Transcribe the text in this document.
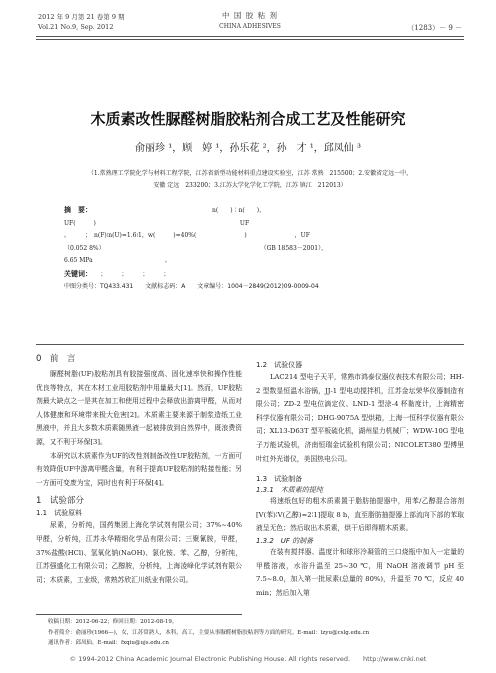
2012 年 9 月第 21 卷第 9 期
Vol.21 No.9, Sep. 2012
中 国 胶 粘 剂
CHINA ADHESIVES	（1283）－ 9 －
木质素改性脲醛树脂胶粘剂合成工艺及性能研究
俞丽珍 ¹，顾　婷 ¹，孙乐花 ²，孙　才 ¹，邱凤仙 ³
（1.常熟理工学院化学与材料工程学院，江苏省新型功能材料重点建设实验室，江苏 常熟　215500；2.安徽省定远一中，
安徽 定远　233200；3.江苏大学化学化工学院，江苏 镇江　212013）
摘　要：	n(　　)∶n(　　)、
UF(　　　)　　　　　　　　　　　　　　　　　　　　　　　　UF
。　　　；　n(F)∶n(U)=1.6∶1，w(　　　)=40%(　　　　　　　　)　　　　　　　　，UF
（0.052 8%）　　　　　　　　　　　　　　　　　　　　　　　　　　　（GB 18583－2001），
6.65 MPa　　　　　　　　　　　　。
关键词：　　；　　　；　　　；　　　；
中图分类号：TQ433.431　　文献标志码：A　　文章编号：1004－2849(2012)09-0009-04
0　前　言
脲醛树脂(UF)胶粘剂具有胶接强度高、固化速率快和操作性能优良等特点，其在木材工业用胶粘剂中用量最大[1]。然而，UF胶粘剂最大缺点之一是其在加工和使用过程中会释放出游离甲醛，从而对人体健康和环境带来极大危害[2]。木质素主要来源于制浆造纸工业黑液中，并且大多数木质素随黑液一起被排放到自然界中，既浪费资源，又不利于环保[3]。
本研究以木质素作为UF的改性剂制备改性UF胶粘剂，一方面可有效降低UF中游离甲醛含量，有利于提高UF胶粘剂的粘接性能；另一方面可变废为宝，同时也有利于环保[4]。
1　试验部分
1.1　试验原料
尿素，分析纯，国药集团上海化学试剂有限公司；37%~40%甲醛，分析纯，江苏永华精细化学品有限公司；三聚氰胺，甲醛，37%盐酸(HCl)、氢氧化钠(NaOH)、氯化铵、苯、乙醇，分析纯，江苏强盛化工有限公司；乙醇胺，分析纯，上海凌峰化学试剂有限公司；木质素，工业级，常熟苏欣汇川纸业有限公司。
1.2　试验仪器
LAC214 型电子天平，常熟市鸿泰仪器仪表技术有限公司；HH-2 型数显恒温水浴锅，JJ-1 型电动搅拌机，江苏金坛荣华仪器制造有限公司；ZD-2 型电位滴定仪、LND-1 型涂-4 杯黏度计，上海精密科学仪器有限公司；DHG-9075A 型烘箱，上海一恒科学仪器有限公司；XL13-D63T 型平板硫化机，湖州星力机械厂；WDW-10G 型电子万能试验机，济南恒瑞金试验机有限公司；NICOLET380 型傅里叶红外光谱仪，美国热电公司。
1.3　试验制备
1.3.1　木质素的提纯
将速纸包好的粗木质素置于脂肪抽提器中，用苯/乙醇混合溶剂[V(苯)∶V(乙醇)=2∶1]提取 8 h，直至脂肪抽提器上部流向下部的苯取液呈无色；然后取出木质素，烘干后即得精木质素。
1.3.2　UF 的制备
在装有搅拌器、温度计和球形冷凝管的三口烧瓶中加入一定量的甲醛溶液，水浴升温至 25~30 ℃，用 NaOH 溶液调节 pH 至 7.5~8.0，加入第一批尿素(总量的 80%)，升温至 70 ℃，反应 40 min；然后加入第
收稿日期：2012-06-22；修回日期：2012-08-19。
作者简介：俞丽珍(1966—)，女，江苏常熟人，本科，高工，主要从事脲醛树脂胶粘剂等方面的研究。E-mail：lzyu@cslg.edu.cn
通讯作者：邱凤仙。E-mail：fxqiu@ujs.edu.cn
© 1994-2012 China Academic Journal Electronic Publishing House. All rights reserved.　　http://www.cnki.net
